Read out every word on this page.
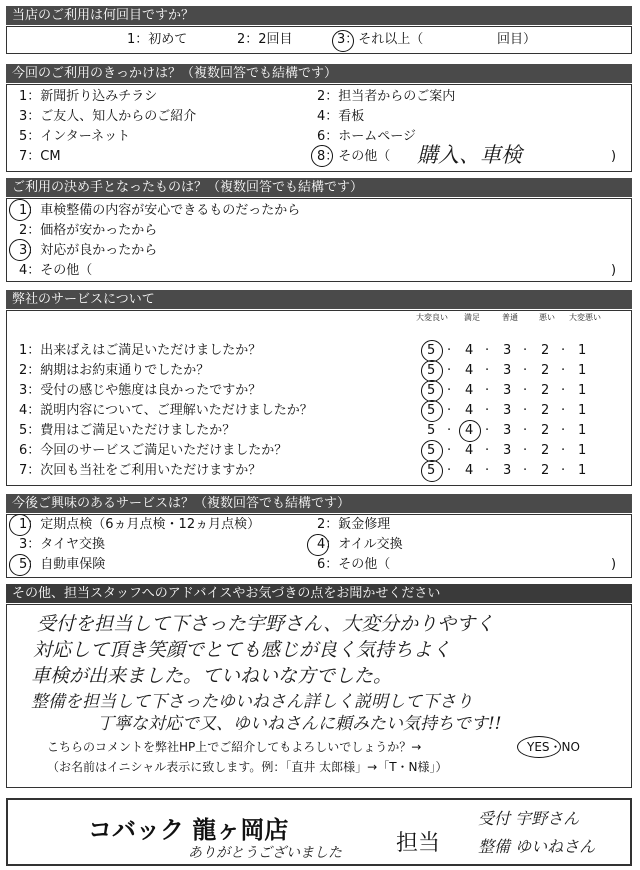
当店のご利用は何回目ですか？
1：初めて	2：2回目	3：それ以上（	回目）
今回のご利用のきっかけは？（複数回答でも結構です）
1：新聞折り込みチラシ
3：ご友人、知人からのご紹介
5：インターネット
7：CM
2：担当者からのご案内
4：看板
6：ホームページ
8：その他（	)
購入、車検
ご利用の決め手となったものは？（複数回答でも結構です）
1：車検整備の内容が安心できるものだったから
2：価格が安かったから
3：対応が良かったから
4：その他（	)
弊社のサービスについて
大変良い	満足	普通	悪い	大変悪い
1：出来ばえはご満足いただけましたか？	5 · 4 · 3 · 2 · 1
2：納期はお約束通りでしたか？	5 · 4 · 3 · 2 · 1
3：受付の感じや態度は良かったですか？	5 · 4 · 3 · 2 · 1
4：説明内容について、ご理解いただけましたか？	5 · 4 · 3 · 2 · 1
5：費用はご満足いただけましたか？	5 · 4 · 3 · 2 · 1
6：今回のサービスご満足いただけましたか？	5 · 4 · 3 · 2 · 1
7：次回も当社をご利用いただけますか？	5 · 4 · 3 · 2 · 1
今後ご興味のあるサービスは？（複数回答でも結構です）
1：定期点検（6ヵ月点検・12ヵ月点検）
3：タイヤ交換
5：自動車保険
2：鈑金修理
4：オイル交換
6：その他（	)
その他、担当スタッフへのアドバイスやお気づきの点をお聞かせください
受付を担当して下さった宇野さん、大変分かりやすく
対応して頂き笑顔でとても感じが良く気持ちよく
車検が出来ました。ていねいな方でした。
整備を担当して下さったゆいねさん詳しく説明して下さり
丁寧な対応で又、ゆいねさんに頼みたい気持ちです!!
こちらのコメントを弊社HP上でご紹介してもよろしいでしょうか？→	YES・NO
（お名前はイニシャル表示に致します。例：「直井 太郎様」→「T・N様」）
コバック 龍ヶ岡店
ありがとうございました 担当
受付 宇野さん
整備 ゆいねさん
